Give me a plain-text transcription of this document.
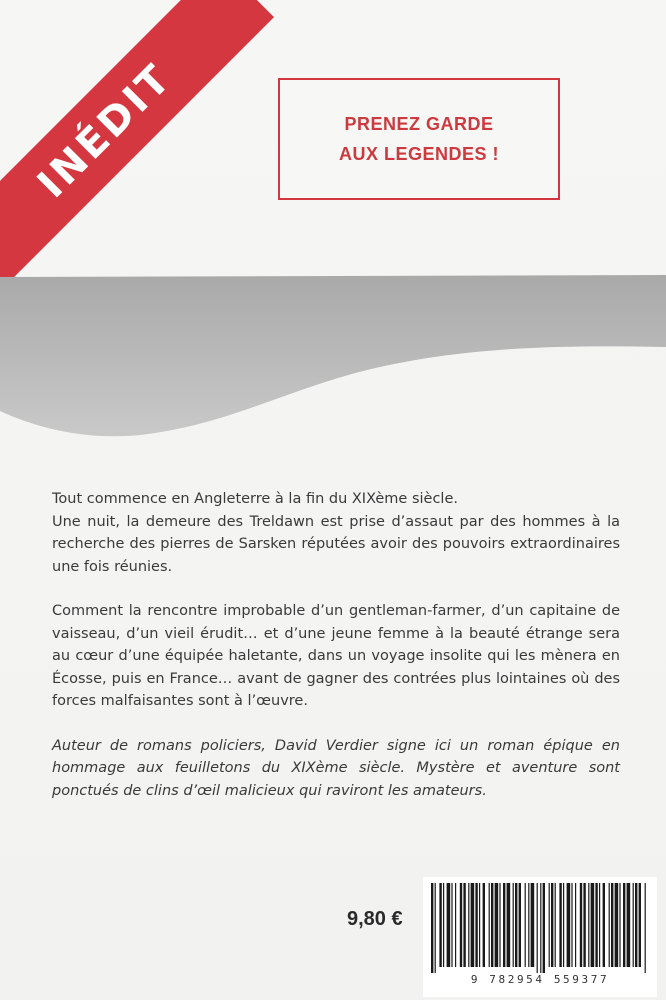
INÉDIT	PRENEZ GARDE
AUX LEGENDES !

Tout commence en Angleterre à la fin du XIXème siècle.

Une nuit, la demeure des Treldawn est prise d’assaut par des hommes à la recherche des pierres de Sarsken réputées avoir des pouvoirs extraordinaires une fois réunies.

Comment la rencontre improbable d’un gentleman-farmer, d’un capitaine de vaisseau, d’un vieil érudit… et d’une jeune femme à la beauté étrange sera au cœur d’une équipée haletante, dans un voyage insolite qui les mènera en Écosse, puis en France… avant de gagner des contrées plus lointaines où des forces malfaisantes sont à l’œuvre.

Auteur de romans policiers, David Verdier signe ici un roman épique en hommage aux feuilletons du XIXème siècle. Mystère et aventure sont ponctués de clins d’œil malicieux qui raviront les amateurs.

9,80 €
9 782954 559377
